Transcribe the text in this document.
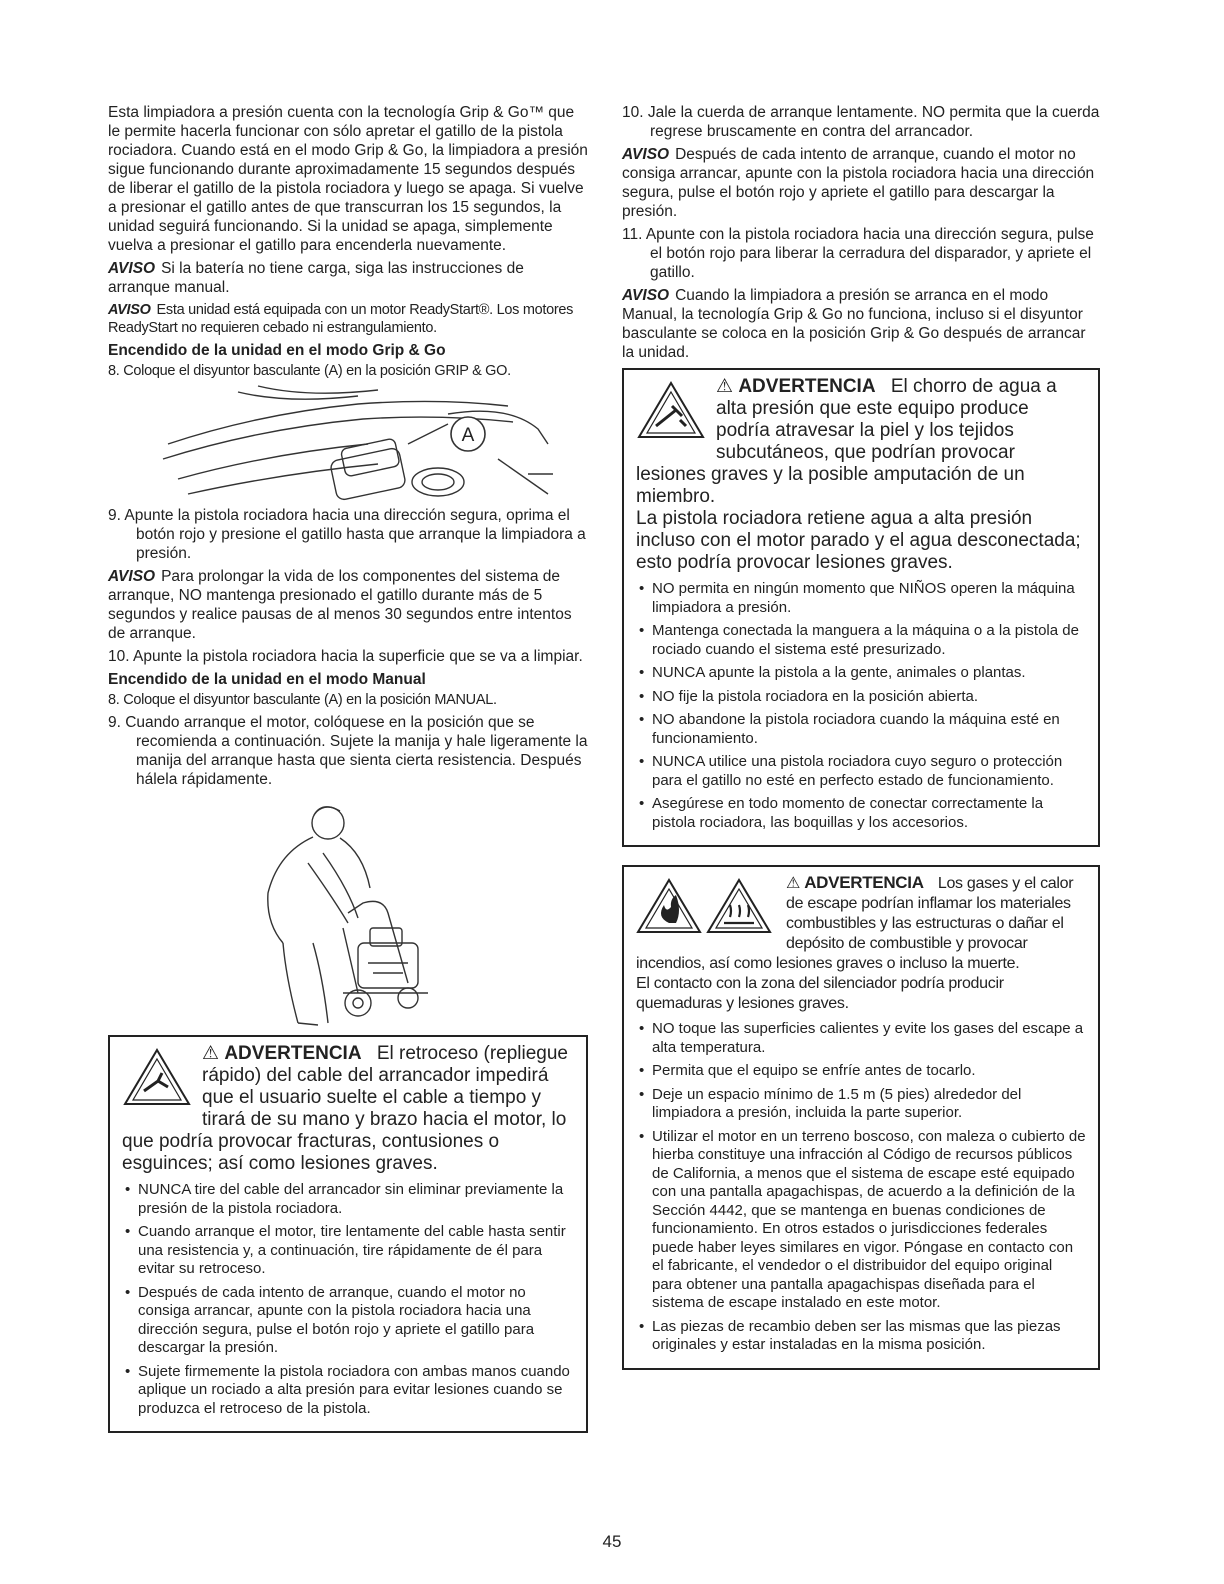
Esta limpiadora a presión cuenta con la tecnología Grip & Go™ que le permite hacerla funcionar con sólo apretar el gatillo de la pistola rociadora. Cuando está en el modo Grip & Go, la limpiadora a presión sigue funcionando durante aproximadamente 15 segundos después de liberar el gatillo de la pistola rociadora y luego se apaga. Si vuelve a presionar el gatillo antes de que transcurran los 15 segundos, la unidad seguirá funcionando. Si la unidad se apaga, simplemente vuelva a presionar el gatillo para encenderla nuevamente.

AVISO Si la batería no tiene carga, siga las instrucciones de arranque manual.

AVISO Esta unidad está equipada con un motor ReadyStart®. Los motores ReadyStart no requieren cebado ni estrangulamiento.

Encendido de la unidad en el modo Grip & Go

8. Coloque el disyuntor basculante (A) en la posición GRIP & GO.

A

9. Apunte la pistola rociadora hacia una dirección segura, oprima el botón rojo y presione el gatillo hasta que arranque la limpiadora a presión.

AVISO Para prolongar la vida de los componentes del sistema de arranque, NO mantenga presionado el gatillo durante más de 5 segundos y realice pausas de al menos 30 segundos entre intentos de arranque.

10. Apunte la pistola rociadora hacia la superficie que se va a limpiar.

Encendido de la unidad en el modo Manual

8. Coloque el disyuntor basculante (A) en la posición MANUAL.

9. Cuando arranque el motor, colóquese en la posición que se recomienda a continuación. Sujete la manija y hale ligeramente la manija del arranque hasta que sienta cierta resistencia. Después hálela rápidamente.

⚠ ADVERTENCIA El retroceso (repliegue rápido) del cable del arrancador impedirá que el usuario suelte el cable a tiempo y tirará de su mano y brazo hacia el motor, lo que podría provocar fracturas, contusiones o esguinces; así como lesiones graves.
• NUNCA tire del cable del arrancador sin eliminar previamente la presión de la pistola rociadora.
• Cuando arranque el motor, tire lentamente del cable hasta sentir una resistencia y, a continuación, tire rápidamente de él para evitar su retroceso.
• Después de cada intento de arranque, cuando el motor no consiga arrancar, apunte con la pistola rociadora hacia una dirección segura, pulse el botón rojo y apriete el gatillo para descargar la presión.
• Sujete firmemente la pistola rociadora con ambas manos cuando aplique un rociado a alta presión para evitar lesiones cuando se produzca el retroceso de la pistola.

10. Jale la cuerda de arranque lentamente. NO permita que la cuerda regrese bruscamente en contra del arrancador.

AVISO Después de cada intento de arranque, cuando el motor no consiga arrancar, apunte con la pistola rociadora hacia una dirección segura, pulse el botón rojo y apriete el gatillo para descargar la presión.

11. Apunte con la pistola rociadora hacia una dirección segura, pulse el botón rojo para liberar la cerradura del disparador, y apriete el gatillo.

AVISO Cuando la limpiadora a presión se arranca en el modo Manual, la tecnología Grip & Go no funciona, incluso si el disyuntor basculante se coloca en la posición Grip & Go después de arrancar la unidad.

⚠ ADVERTENCIA El chorro de agua a alta presión que este equipo produce podría atravesar la piel y los tejidos subcutáneos, que podrían provocar lesiones graves y la posible amputación de un miembro.

La pistola rociadora retiene agua a alta presión incluso con el motor parado y el agua desconectada; esto podría provocar lesiones graves.

• NO permita en ningún momento que NIÑOS operen la máquina limpiadora a presión.
• Mantenga conectada la manguera a la máquina o a la pistola de rociado cuando el sistema esté presurizado.
• NUNCA apunte la pistola a la gente, animales o plantas.
• NO fije la pistola rociadora en la posición abierta.
• NO abandone la pistola rociadora cuando la máquina esté en funcionamiento.
• NUNCA utilice una pistola rociadora cuyo seguro o protección para el gatillo no esté en perfecto estado de funcionamiento.
• Asegúrese en todo momento de conectar correctamente la pistola rociadora, las boquillas y los accesorios.
⚠ ADVERTENCIA Los gases y el calor de escape podrían inflamar los materiales combustibles y las estructuras o dañar el depósito de combustible y provocar incendios, así como lesiones graves o incluso la muerte.

El contacto con la zona del silenciador podría producir quemaduras y lesiones graves.

• NO toque las superficies calientes y evite los gases del escape a alta temperatura.
• Permita que el equipo se enfríe antes de tocarlo.
• Deje un espacio mínimo de 1.5 m (5 pies) alrededor del limpiadora a presión, incluida la parte superior.
• Utilizar el motor en un terreno boscoso, con maleza o cubierto de hierba constituye una infracción al Código de recursos públicos de California, a menos que el sistema de escape esté equipado con una pantalla apagachispas, de acuerdo a la definición de la Sección 4442, que se mantenga en buenas condiciones de funcionamiento. En otros estados o jurisdicciones federales puede haber leyes similares en vigor. Póngase en contacto con el fabricante, el vendedor o el distribuidor del equipo original para obtener una pantalla apagachispas diseñada para el sistema de escape instalado en este motor.
• Las piezas de recambio deben ser las mismas que las piezas originales y estar instaladas en la misma posición.
45
